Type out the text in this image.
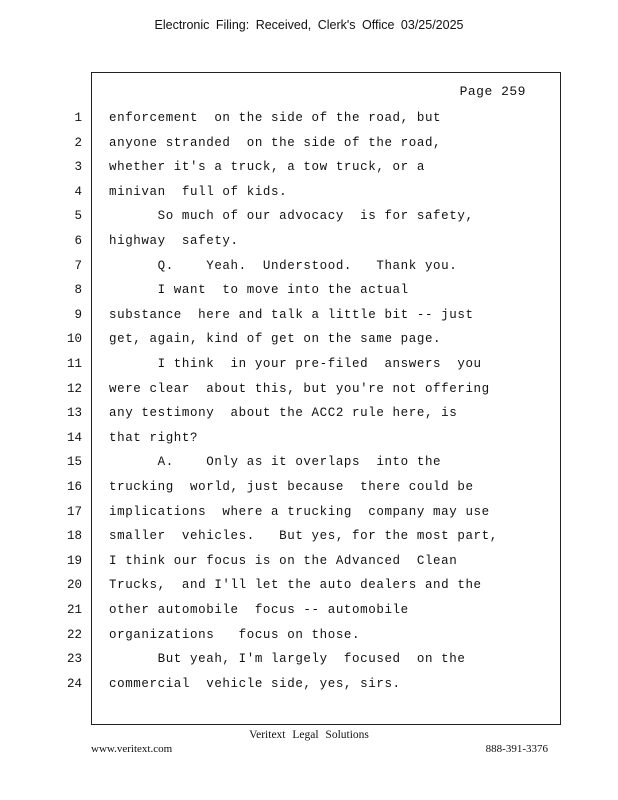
Electronic Filing: Received, Clerk's Office 03/25/2025
Page 259
1 enforcement  on the side of the road, but
2 anyone stranded  on the side of the road,
3 whether it's a truck, a tow truck, or a
4 minivan  full of kids.
5 So much of our advocacy  is for safety,
6 highway  safety.
7 Q.    Yeah.  Understood.   Thank you.
8 I want  to move into the actual
9 substance  here and talk a little bit -- just
10 get, again, kind of get on the same page.
11 I think  in your pre-filed  answers  you
12 were clear  about this, but you're not offering
13 any testimony  about the ACC2 rule here, is
14 that right?
15 A.    Only as it overlaps  into the
16 trucking  world, just because  there could be
17 implications  where a trucking  company may use
18 smaller  vehicles.   But yes, for the most part,
19 I think our focus is on the Advanced  Clean
20 Trucks,  and I'll let the auto dealers and the
21 other automobile  focus -- automobile
22 organizations   focus on those.
23 But yeah, I'm largely  focused  on the
24 commercial  vehicle side, yes, sirs.
Veritext Legal Solutions
www.veritext.com	888-391-3376
